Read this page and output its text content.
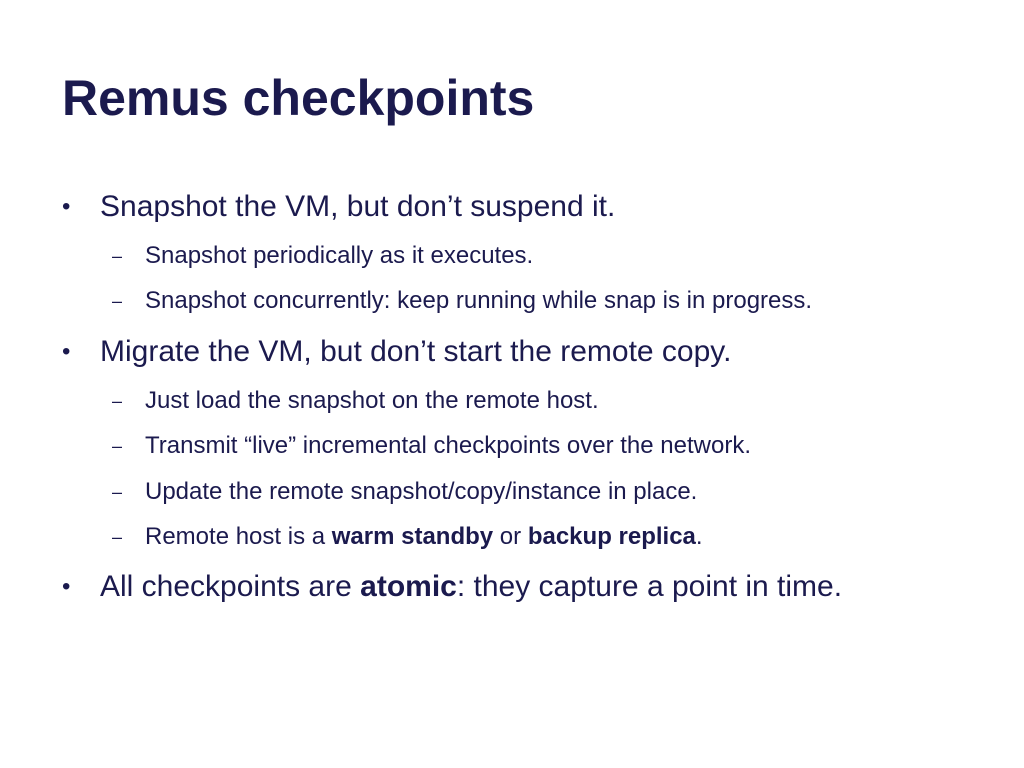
Remus checkpoints
• Snapshot the VM, but don’t suspend it.
– Snapshot periodically as it executes.
– Snapshot concurrently: keep running while snap is in progress.
• Migrate the VM, but don’t start the remote copy.
– Just load the snapshot on the remote host.
– Transmit “live” incremental checkpoints over the network.
– Update the remote snapshot/copy/instance in place.
– Remote host is a warm standby or backup replica.
• All checkpoints are atomic: they capture a point in time.
